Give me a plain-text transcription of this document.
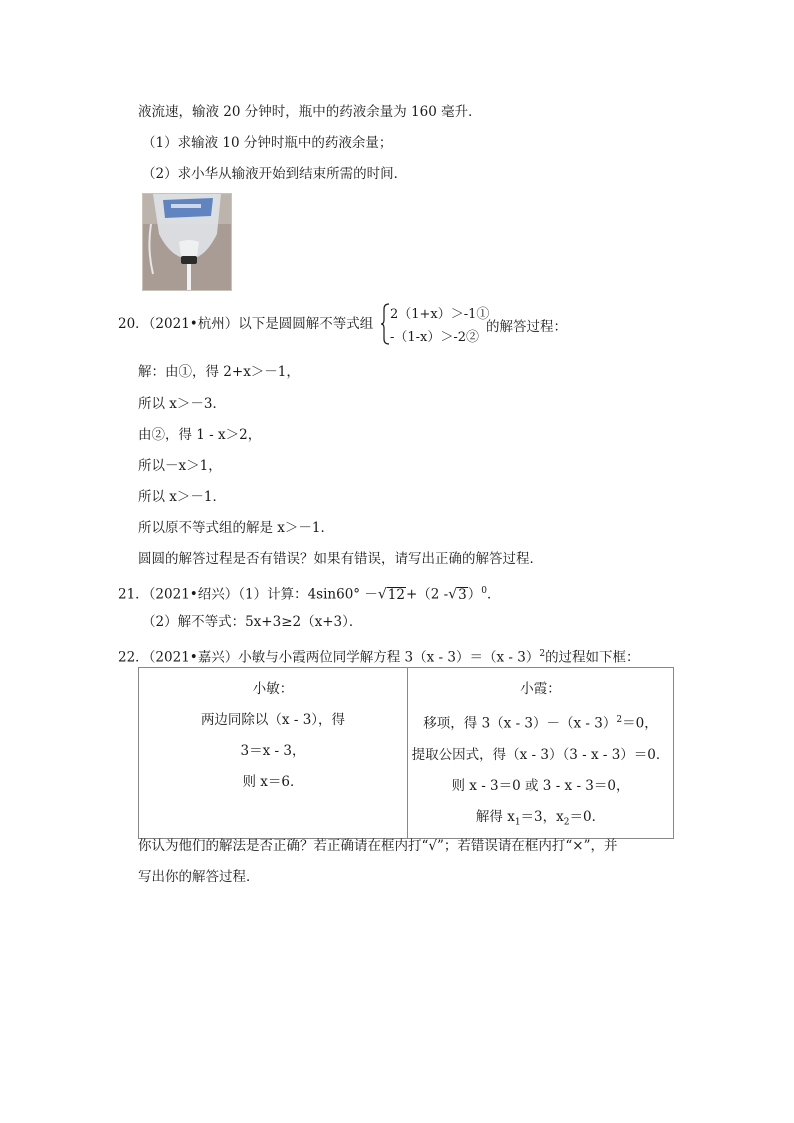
液流速，输液 20 分钟时，瓶中的药液余量为 160 毫升．
（1）求输液 10 分钟时瓶中的药液余量；
（2）求小华从输液开始到结束所需的时间．
20．（2021•杭州）以下是圆圆解不等式组
2（1+x）＞-1①
-（1-x）＞-2②
的解答过程：
解：由①，得 2+x＞－1，
所以 x＞－3．
由②，得 1 - x＞2，
所以－x＞1，
所以 x＞－1．
所以原不等式组的解是 x＞－1．
圆圆的解答过程是否有错误？如果有错误，请写出正确的解答过程．
21．（2021•绍兴）（1）计算：4sin60° －√12+（2 -√3）$^0$．
（2）解不等式：5x+3≥2（x+3）．
22．（2021•嘉兴）小敏与小霞两位同学解方程 3（x - 3）＝（x - 3）$^2$的过程如下框：
小敏：
两边同除以（x - 3），得
3＝x - 3，
则 x＝6．

小霞：
移项，得 3（x - 3）－（x - 3）$^2$＝0，
提取公因式，得（x - 3）（3 - x - 3）＝0．
则 x - 3＝0 或 3 - x - 3＝0，
解得 $x_1=3$，$x_2=0$．
你认为他们的解法是否正确？若正确请在框内打“√”；若错误请在框内打“×”，并
写出你的解答过程．
